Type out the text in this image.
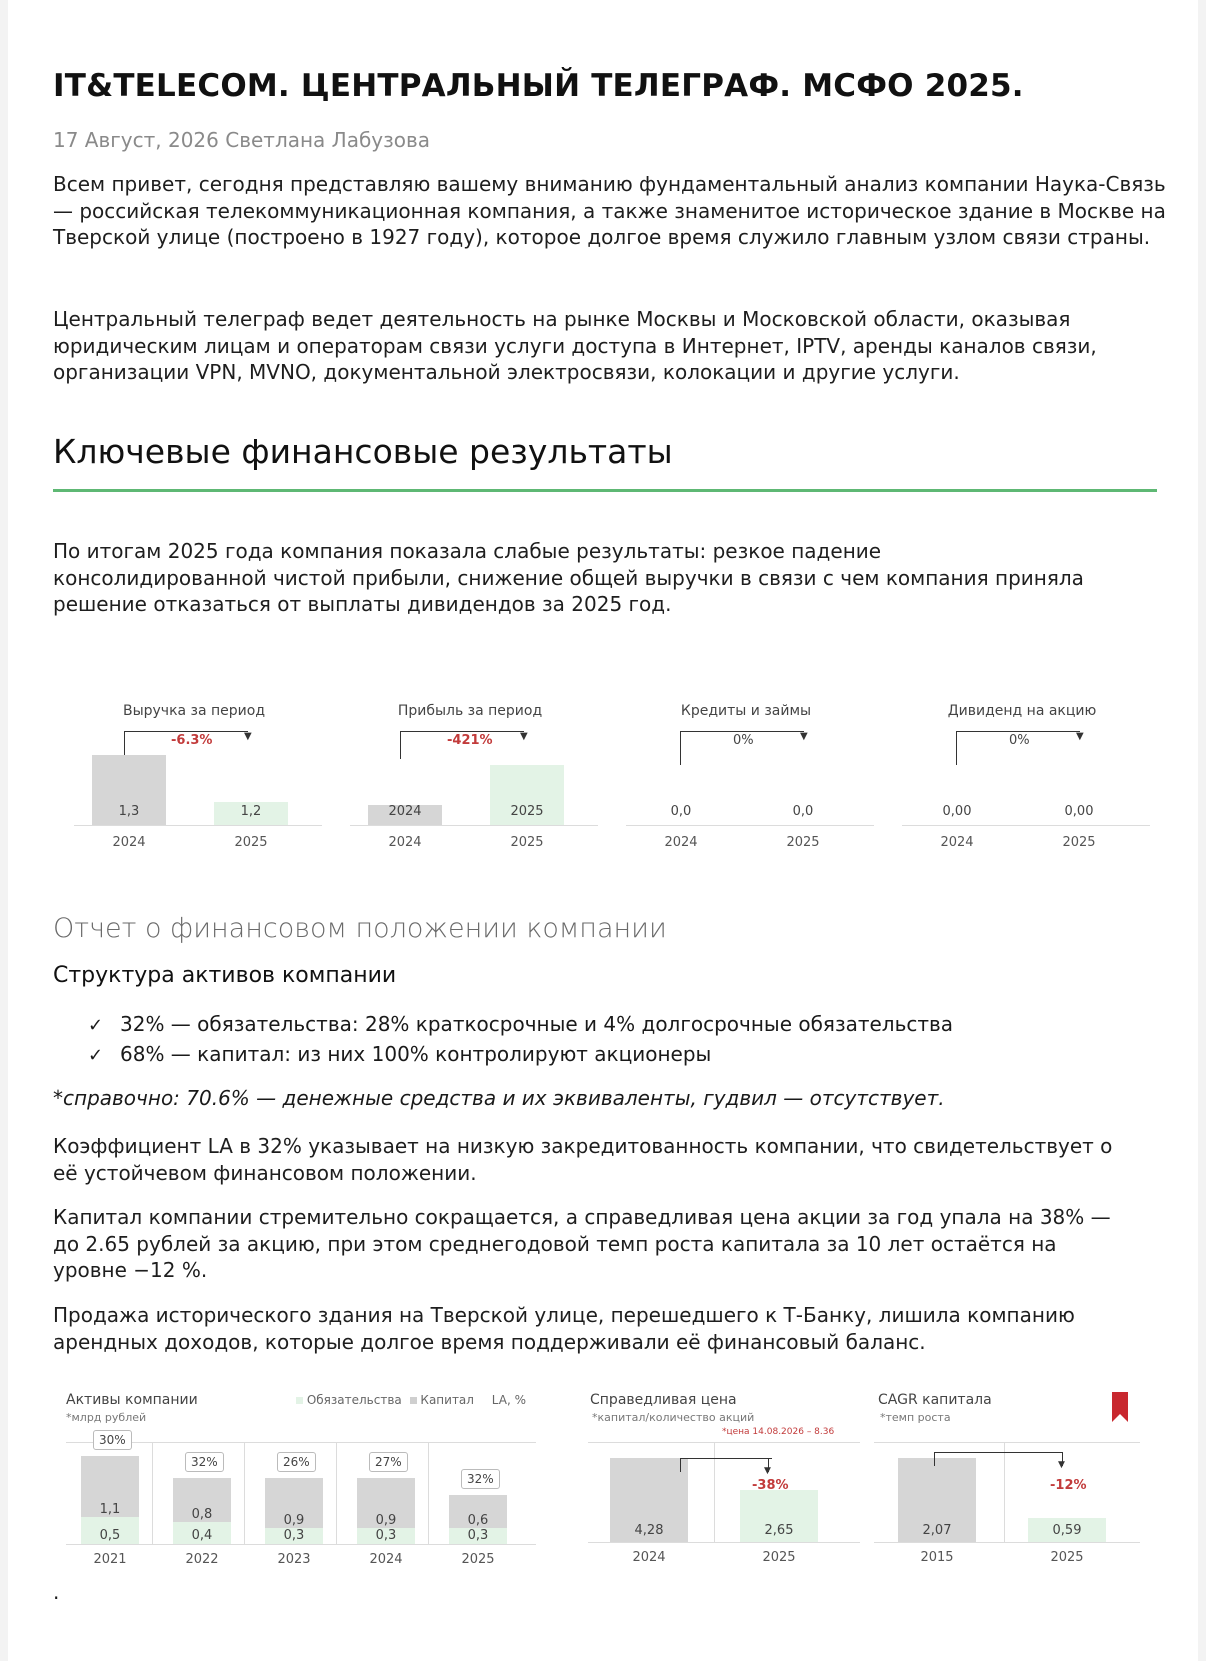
IT&TELECOM. ЦЕНТРАЛЬНЫЙ ТЕЛЕГРАФ. МСФО 2025.
17 Август, 2026 Светлана Лабузова
Всем привет, сегодня представляю вашему вниманию фундаментальный анализ компании Наука-Связь — российская телекоммуникационная компания, а также знаменитое историческое здание в Москве на Тверской улице (построено в 1927 году), которое долгое время служило главным узлом связи страны.
Центральный телеграф ведет деятельность на рынке Москвы и Московской области, оказывая юридическим лицам и операторам связи услуги доступа в Интернет, IPTV, аренды каналов связи, организации VPN, MVNO, документальной электросвязи, колокации и другие услуги.
Ключевые финансовые результаты
По итогам 2025 года компания показала слабые результаты: резкое падение консолидированной чистой прибыли, снижение общей выручки в связи с чем компания приняла решение отказаться от выплаты дивидендов за 2025 год.
Выручка за период
▼
-6.3%
1,3	1,2
2024	2025
Прибыль за период
▼
-421%
2024	2025
2024	2025
Кредиты и займы
▼
0%
0,0	0,0
2024	2025
Дивиденд на акцию
▼
0%
0,00	0,00
2024	2025
Отчет о финансовом положении компании
Структура активов компании
✓ 32% — обязательства: 28% краткосрочные и 4% долгосрочные обязательства
✓ 68% — капитал: из них 100% контролируют акционеры
*справочно: 70.6% — денежные средства и их эквиваленты, гудвил — отсутствует.
Коэффициент LA в 32% указывает на низкую закредитованность компании, что свидетельствует о её устойчевом финансовом положении.
Капитал компании стремительно сокращается, а справедливая цена акции за год упала на 38% — до 2.65 рублей за акцию, при этом среднегодовой темп роста капитала за 10 лет остаётся на уровне −12 %.
Продажа исторического здания на Тверской улице, перешедшего к Т-Банку, лишила компанию арендных доходов, которые долгое время поддерживали её финансовый баланс.
Активы компании
*млрд рублей
Обязательства Капитал LA, %
1,1
0,5
30%
2021
0,8
0,4
32%
2022
0,9
0,3
26%
2023
0,9
0,3
27%
2024
0,6
0,3
32%
2025
Справедливая цена
*капитал/количество акций
*цена 14.08.2026 – 8.36
▼
-38%
4,28	2,65
2024	2025
CAGR капитала
*темп роста
▼
-12%
2,07	0,59
2015	2025
.
